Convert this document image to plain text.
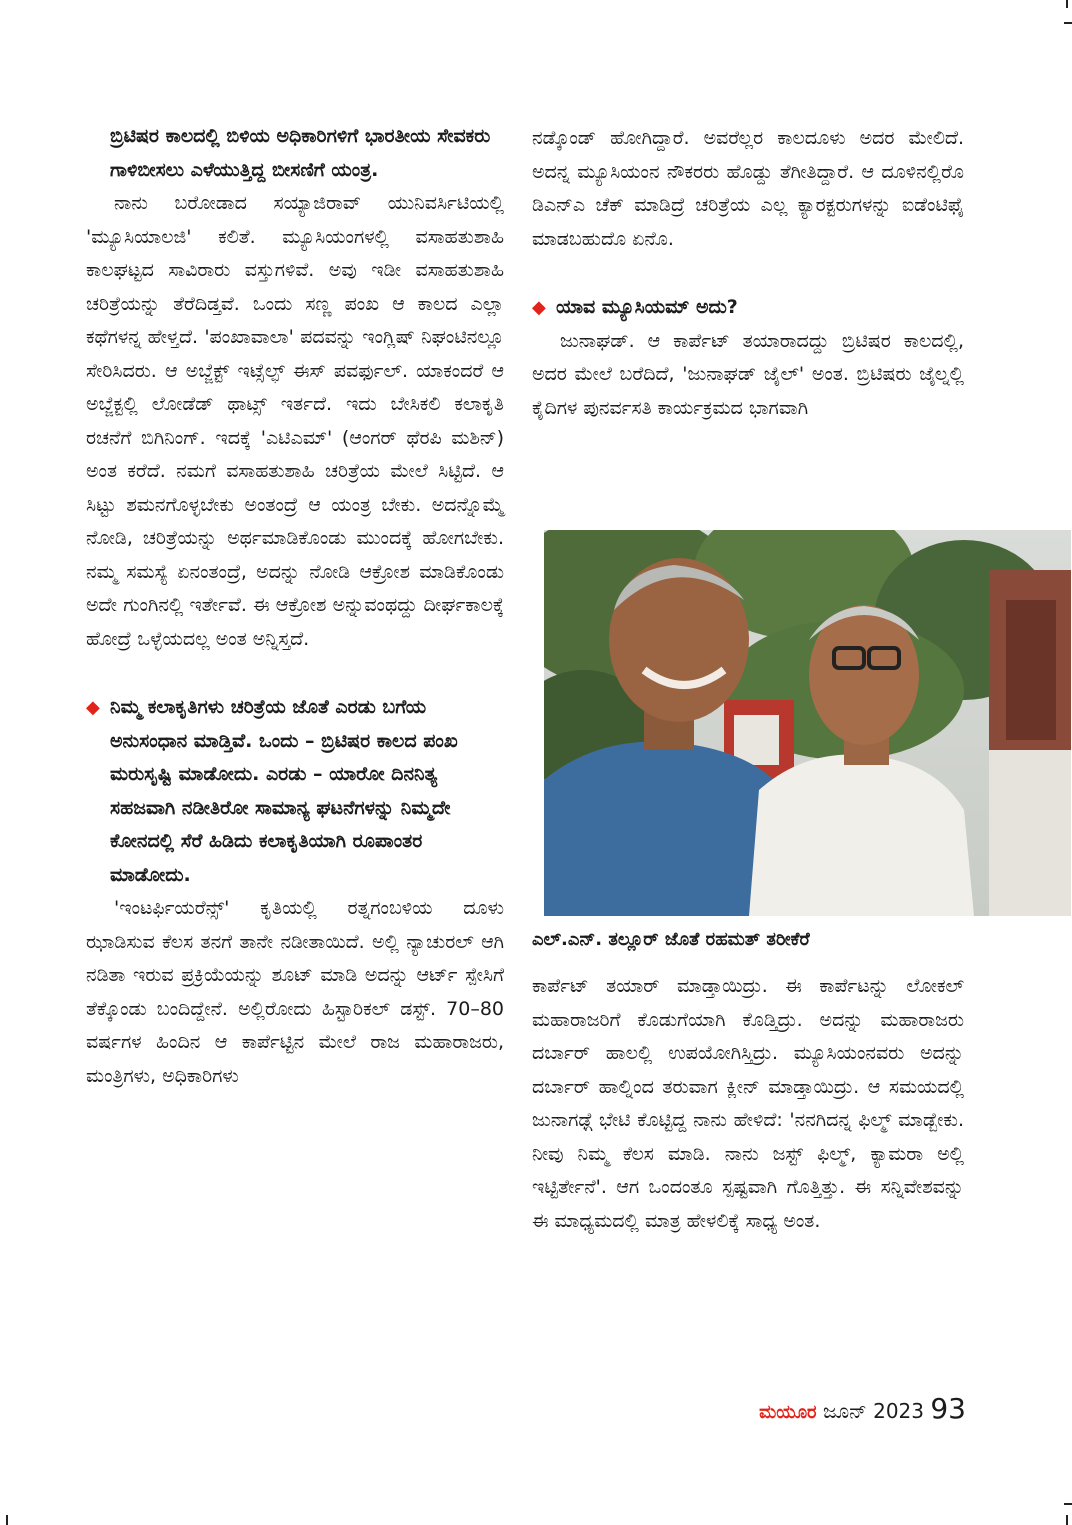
ಬ್ರಿಟಿಷರ ಕಾಲದಲ್ಲಿ ಬಿಳಿಯ ಅಧಿಕಾರಿಗಳಿಗೆ ಭಾರತೀಯ ಸೇವಕರು ಗಾಳಿಬೀಸಲು ಎಳೆಯುತ್ತಿದ್ದ ಬೀಸಣಿಗೆ ಯಂತ್ರ.

ನಾನು ಬರೋಡಾದ ಸಯ್ಯಾಜಿರಾವ್ ಯುನಿವರ್ಸಿಟಿಯಲ್ಲಿ 'ಮ್ಯೂಸಿಯಾಲಜಿ' ಕಲಿತೆ. ಮ್ಯೂಸಿಯಂಗಳಲ್ಲಿ ವಸಾಹತುಶಾಹಿ ಕಾಲಘಟ್ಟದ ಸಾವಿರಾರು ವಸ್ತುಗಳಿವೆ. ಅವು ಇಡೀ ವಸಾಹತುಶಾಹಿ ಚರಿತ್ರೆಯನ್ನು ತೆರೆದಿಡ್ತವೆ. ಒಂದು ಸಣ್ಣ ಪಂಖ ಆ ಕಾಲದ ಎಲ್ಲಾ ಕಥೆಗಳನ್ನ ಹೇಳ್ತದೆ. 'ಪಂಖಾವಾಲಾ' ಪದವನ್ನು ಇಂಗ್ಲಿಷ್ ನಿಘಂಟಿನಲ್ಲೂ ಸೇರಿಸಿದರು. ಆ ಅಬ್ಜೆಕ್ಟ್ ಇಟ್ಸೆಲ್ಫ್ ಈಸ್ ಪವರ್ಫುಲ್. ಯಾಕಂದರೆ ಆ ಅಬ್ಜೆಕ್ಟಲ್ಲಿ ಲೋಡೆಡ್ ಥಾಟ್ಸ್ ಇರ್ತದೆ. ಇದು ಬೇಸಿಕಲಿ ಕಲಾಕೃತಿ ರಚನೆಗೆ ಬಿಗಿನಿಂಗ್. ಇದಕ್ಕೆ 'ಎಟಿಎಮ್' (ಆಂಗರ್ ಥೆರಪಿ ಮಶಿನ್) ಅಂತ ಕರೆದೆ. ನಮಗೆ ವಸಾಹತುಶಾಹಿ ಚರಿತ್ರೆಯ ಮೇಲೆ ಸಿಟ್ಟಿದೆ. ಆ ಸಿಟ್ಟು ಶಮನಗೊಳ್ಳಬೇಕು ಅಂತಂದ್ರೆ ಆ ಯಂತ್ರ ಬೇಕು. ಅದನ್ನೊಮ್ಮೆ ನೋಡಿ, ಚರಿತ್ರೆಯನ್ನು ಅರ್ಥಮಾಡಿಕೊಂಡು ಮುಂದಕ್ಕೆ ಹೋಗಬೇಕು. ನಮ್ಮ ಸಮಸ್ಯೆ ಏನಂತಂದ್ರೆ, ಅದನ್ನು ನೋಡಿ ಆಕ್ರೋಶ ಮಾಡಿಕೊಂಡು ಅದೇ ಗುಂಗಿನಲ್ಲಿ ಇರ್ತೇವೆ. ಈ ಆಕ್ರೋಶ ಅನ್ನುವಂಥದ್ದು ದೀರ್ಘಕಾಲಕ್ಕೆ ಹೋದ್ರೆ ಒಳ್ಳೆಯದಲ್ಲ ಅಂತ ಅನ್ನಿಸ್ತದೆ.

◆ ನಿಮ್ಮ ಕಲಾಕೃತಿಗಳು ಚರಿತ್ರೆಯ ಜೊತೆ ಎರಡು ಬಗೆಯ ಅನುಸಂಧಾನ ಮಾಡ್ತಿವೆ. ಒಂದು – ಬ್ರಿಟಿಷರ ಕಾಲದ ಪಂಖ ಮರುಸೃಷ್ಟಿ ಮಾಡೋದು. ಎರಡು – ಯಾರೋ ದಿನನಿತ್ಯ ಸಹಜವಾಗಿ ನಡೀತಿರೋ ಸಾಮಾನ್ಯ ಘಟನೆಗಳನ್ನು ನಿಮ್ಮದೇ ಕೋನದಲ್ಲಿ ಸೆರೆ ಹಿಡಿದು ಕಲಾಕೃತಿಯಾಗಿ ರೂಪಾಂತರ ಮಾಡೋದು.

'ಇಂಟರ್ಫಿಯರೆನ್ಸ್' ಕೃತಿಯಲ್ಲಿ ರತ್ನಗಂಬಳಿಯ ದೂಳು ಝಾಡಿಸುವ ಕೆಲಸ ತನಗೆ ತಾನೇ ನಡೀತಾಯಿದೆ. ಅಲ್ಲಿ ನ್ಯಾಚುರಲ್ ಆಗಿ ನಡಿತಾ ಇರುವ ಪ್ರಕ್ರಿಯೆಯನ್ನು ಶೂಟ್ ಮಾಡಿ ಅದನ್ನು ಆರ್ಟ್ ಸ್ಪೇಸಿಗೆ ತೆಕ್ಕೊಂಡು ಬಂದಿದ್ದೇನೆ. ಅಲ್ಲಿರೋದು ಹಿಸ್ಟಾರಿಕಲ್ ಡಸ್ಟ್. 70–80 ವರ್ಷಗಳ ಹಿಂದಿನ ಆ ಕಾರ್ಪೆಟ್ಟಿನ ಮೇಲೆ ರಾಜ ಮಹಾರಾಜರು, ಮಂತ್ರಿಗಳು, ಅಧಿಕಾರಿಗಳು

ನಡ್ಕೊಂಡ್ ಹೋಗಿದ್ದಾರೆ. ಅವರೆಲ್ಲರ ಕಾಲದೂಳು ಅದರ ಮೇಲಿದೆ. ಅದನ್ನ ಮ್ಯೂಸಿಯಂನ ನೌಕರರು ಹೊಡ್ದು ತೆಗೀತಿದ್ದಾರೆ. ಆ ದೂಳಿನಲ್ಲಿರೊ ಡಿಎನ್ಎ ಚೆಕ್ ಮಾಡಿದ್ರೆ ಚರಿತ್ರೆಯ ಎಲ್ಲ ಕ್ಯಾರಕ್ಟರುಗಳನ್ನು ಐಡೆಂಟಿಫೈ ಮಾಡಬಹುದೊ ಏನೊ.

◆ ಯಾವ ಮ್ಯೂಸಿಯಮ್ ಅದು?

ಜುನಾಘಡ್. ಆ ಕಾರ್ಪೆಟ್ ತಯಾರಾದದ್ದು ಬ್ರಿಟಿಷರ ಕಾಲದಲ್ಲಿ, ಅದರ ಮೇಲೆ ಬರೆದಿದೆ, 'ಜುನಾಘಡ್ ಜೈಲ್' ಅಂತ. ಬ್ರಿಟಿಷರು ಜೈಲ್ನಲ್ಲಿ ಕೈದಿಗಳ ಪುನರ್ವಸತಿ ಕಾರ್ಯಕ್ರಮದ ಭಾಗವಾಗಿ

ಎಲ್.ಎನ್. ತಲ್ಲೂರ್ ಜೊತೆ ರಹಮತ್ ತರೀಕೆರೆ

ಕಾರ್ಪೆಟ್ ತಯಾರ್ ಮಾಡ್ತಾಯಿದ್ರು. ಈ ಕಾರ್ಪೆಟನ್ನು ಲೋಕಲ್ ಮಹಾರಾಜರಿಗೆ ಕೊಡುಗೆಯಾಗಿ ಕೊಡ್ತಿದ್ರು. ಅದನ್ನು ಮಹಾರಾಜರು ದರ್ಬಾರ್ ಹಾಲಲ್ಲಿ ಉಪಯೋಗಿಸ್ತಿದ್ರು. ಮ್ಯೂಸಿಯಂನವರು ಅದನ್ನು ದರ್ಬಾರ್ ಹಾಲ್ನಿಂದ ತರುವಾಗ ಕ್ಲೀನ್ ಮಾಡ್ತಾಯಿದ್ರು. ಆ ಸಮಯದಲ್ಲಿ ಜುನಾಗಢ್ಗೆ ಭೇಟಿ ಕೊಟ್ಟಿದ್ದ ನಾನು ಹೇಳಿದೆ: 'ನನಗಿದನ್ನ ಫಿಲ್ಮ್ ಮಾಡ್ಬೇಕು. ನೀವು ನಿಮ್ಮ ಕೆಲಸ ಮಾಡಿ. ನಾನು ಜಸ್ಟ್ ಫಿಲ್ಮ್, ಕ್ಯಾಮರಾ ಅಲ್ಲಿ ಇಟ್ಟಿರ್ತೇನೆ'. ಆಗ ಒಂದಂತೂ ಸ್ಪಷ್ಟವಾಗಿ ಗೊತ್ತಿತ್ತು. ಈ ಸನ್ನಿವೇಶವನ್ನು ಈ ಮಾಧ್ಯಮದಲ್ಲಿ ಮಾತ್ರ ಹೇಳಲಿಕ್ಕೆ ಸಾಧ್ಯ ಅಂತ.

ಮಯೂರ ಜೂನ್ 2023 93
